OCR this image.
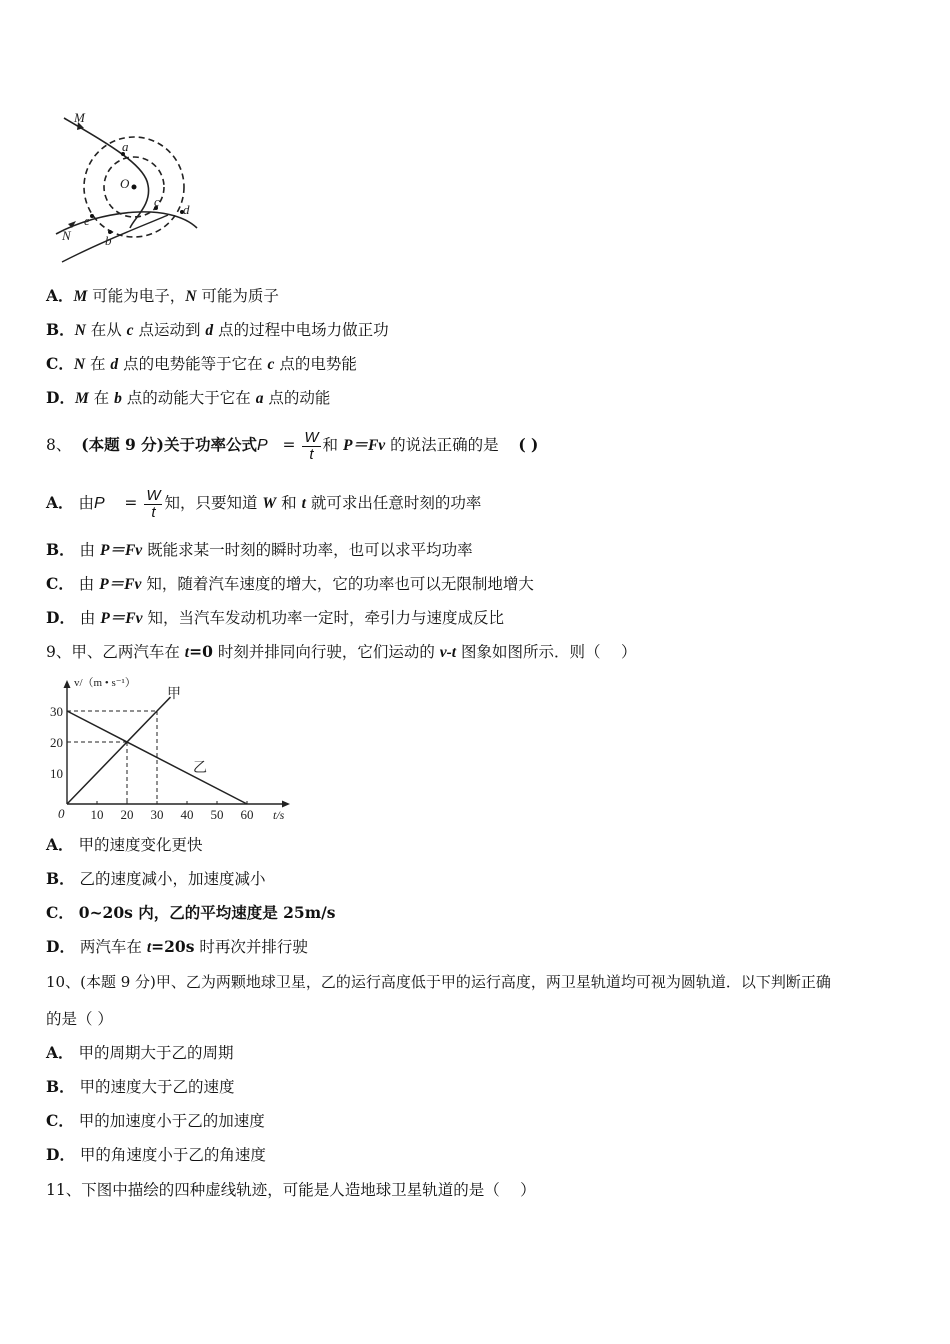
M
N
a
b
c
d
e
O
A．M 可能为电子，N 可能为质子
B．N 在从 c 点运动到 d 点的过程中电场力做正功
C．N 在 d 点的电势能等于它在 c 点的电势能
D．M 在 b 点的动能大于它在 a 点的动能
8、 (本题 9 分)关于功率公式$P = \frac{W}{t}$ 和 P＝Fv 的说法正确的是 ( )
A． 由$P = \frac{W}{t}$ 知，只要知道 W 和 t 就可求出任意时刻的功率
B． 由 P＝Fv 既能求某一时刻的瞬时功率，也可以求平均功率
C． 由 P＝Fv 知，随着汽车速度的增大，它的功率也可以无限制地增大
D． 由 P＝Fv 知，当汽车发动机功率一定时，牵引力与速度成反比
9、甲、乙两汽车在 t=0 时刻并排同向行驶，它们运动的 v-t 图象如图所示．则（　 ）
v/（m • s⁻¹）
t/s
0 10 20 30 40 50 60
10
20
30
甲
乙
A． 甲的速度变化更快
B． 乙的速度减小，加速度减小
C． 0~20s 内，乙的平均速度是 25m/s
D． 两汽车在 t=20s 时再次并排行驶
10、(本题 9 分)甲、乙为两颗地球卫星，乙的运行高度低于甲的运行高度，两卫星轨道均可视为圆轨道．以下判断正确
的是（ ）
A． 甲的周期大于乙的周期
B． 甲的速度大于乙的速度
C． 甲的加速度小于乙的加速度
D． 甲的角速度小于乙的角速度
11、下图中描绘的四种虚线轨迹，可能是人造地球卫星轨道的是（　 ）
